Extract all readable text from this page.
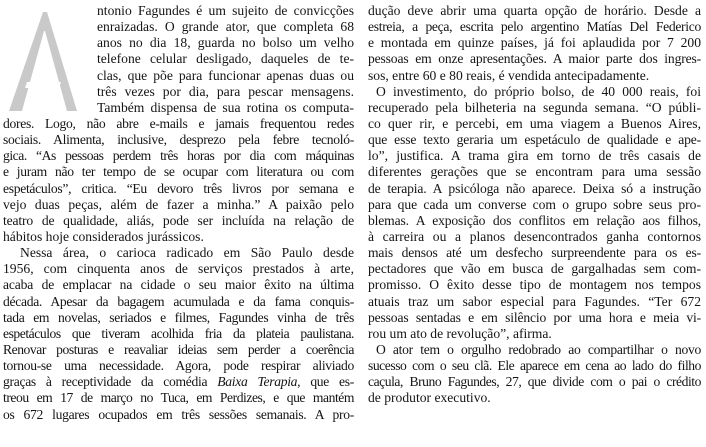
ntonio Fagundes é um sujeito de convicções
enraizadas. O grande ator, que completa 68
anos no dia 18, guarda no bolso um velho
telefone celular desligado, daqueles de te-
clas, que põe para funcionar apenas duas ou
três vezes por dia, para pescar mensagens.
Também dispensa de sua rotina os computa-
dores. Logo, não abre e-mails e jamais frequentou redes
sociais. Alimenta, inclusive, desprezo pela febre tecnoló-
gica. “As pessoas perdem três horas por dia com máquinas
e juram não ter tempo de se ocupar com literatura ou com
espetáculos”, critica. “Eu devoro três livros por semana e
vejo duas peças, além de fazer a minha.” A paixão pelo
teatro de qualidade, aliás, pode ser incluída na relação de
hábitos hoje considerados jurássicos.
Nessa área, o carioca radicado em São Paulo desde
1956, com cinquenta anos de serviços prestados à arte,
acaba de emplacar na cidade o seu maior êxito na última
década. Apesar da bagagem acumulada e da fama conquis-
tada em novelas, seriados e filmes, Fagundes vinha de três
espetáculos que tiveram acolhida fria da plateia paulistana.
Renovar posturas e reavaliar ideias sem perder a coerência
tornou-se uma necessidade. Agora, pode respirar aliviado
graças à receptividade da comédia Baixa Terapia, que es-
treou em 17 de março no Tuca, em Perdizes, e que mantém
os 672 lugares ocupados em três sessões semanais. A pro-
dução deve abrir uma quarta opção de horário. Desde a
estreia, a peça, escrita pelo argentino Matías Del Federico
e montada em quinze países, já foi aplaudida por 7 200
pessoas em onze apresentações. A maior parte dos ingres-
sos, entre 60 e 80 reais, é vendida antecipadamente.
O investimento, do próprio bolso, de 40 000 reais, foi
recuperado pela bilheteria na segunda semana. “O públi-
co quer rir, e percebi, em uma viagem a Buenos Aires,
que esse texto geraria um espetáculo de qualidade e ape-
lo”, justifica. A trama gira em torno de três casais de
diferentes gerações que se encontram para uma sessão
de terapia. A psicóloga não aparece. Deixa só a instrução
para que cada um converse com o grupo sobre seus pro-
blemas. A exposição dos conflitos em relação aos filhos,
à carreira ou a planos desencontrados ganha contornos
mais densos até um desfecho surpreendente para os es-
pectadores que vão em busca de gargalhadas sem com-
promisso. O êxito desse tipo de montagem nos tempos
atuais traz um sabor especial para Fagundes. “Ter 672
pessoas sentadas e em silêncio por uma hora e meia vi-
rou um ato de revolução”, afirma.
O ator tem o orgulho redobrado ao compartilhar o novo
sucesso com o seu clã. Ele aparece em cena ao lado do filho
caçula, Bruno Fagundes, 27, que divide com o pai o crédito
de produtor executivo.
